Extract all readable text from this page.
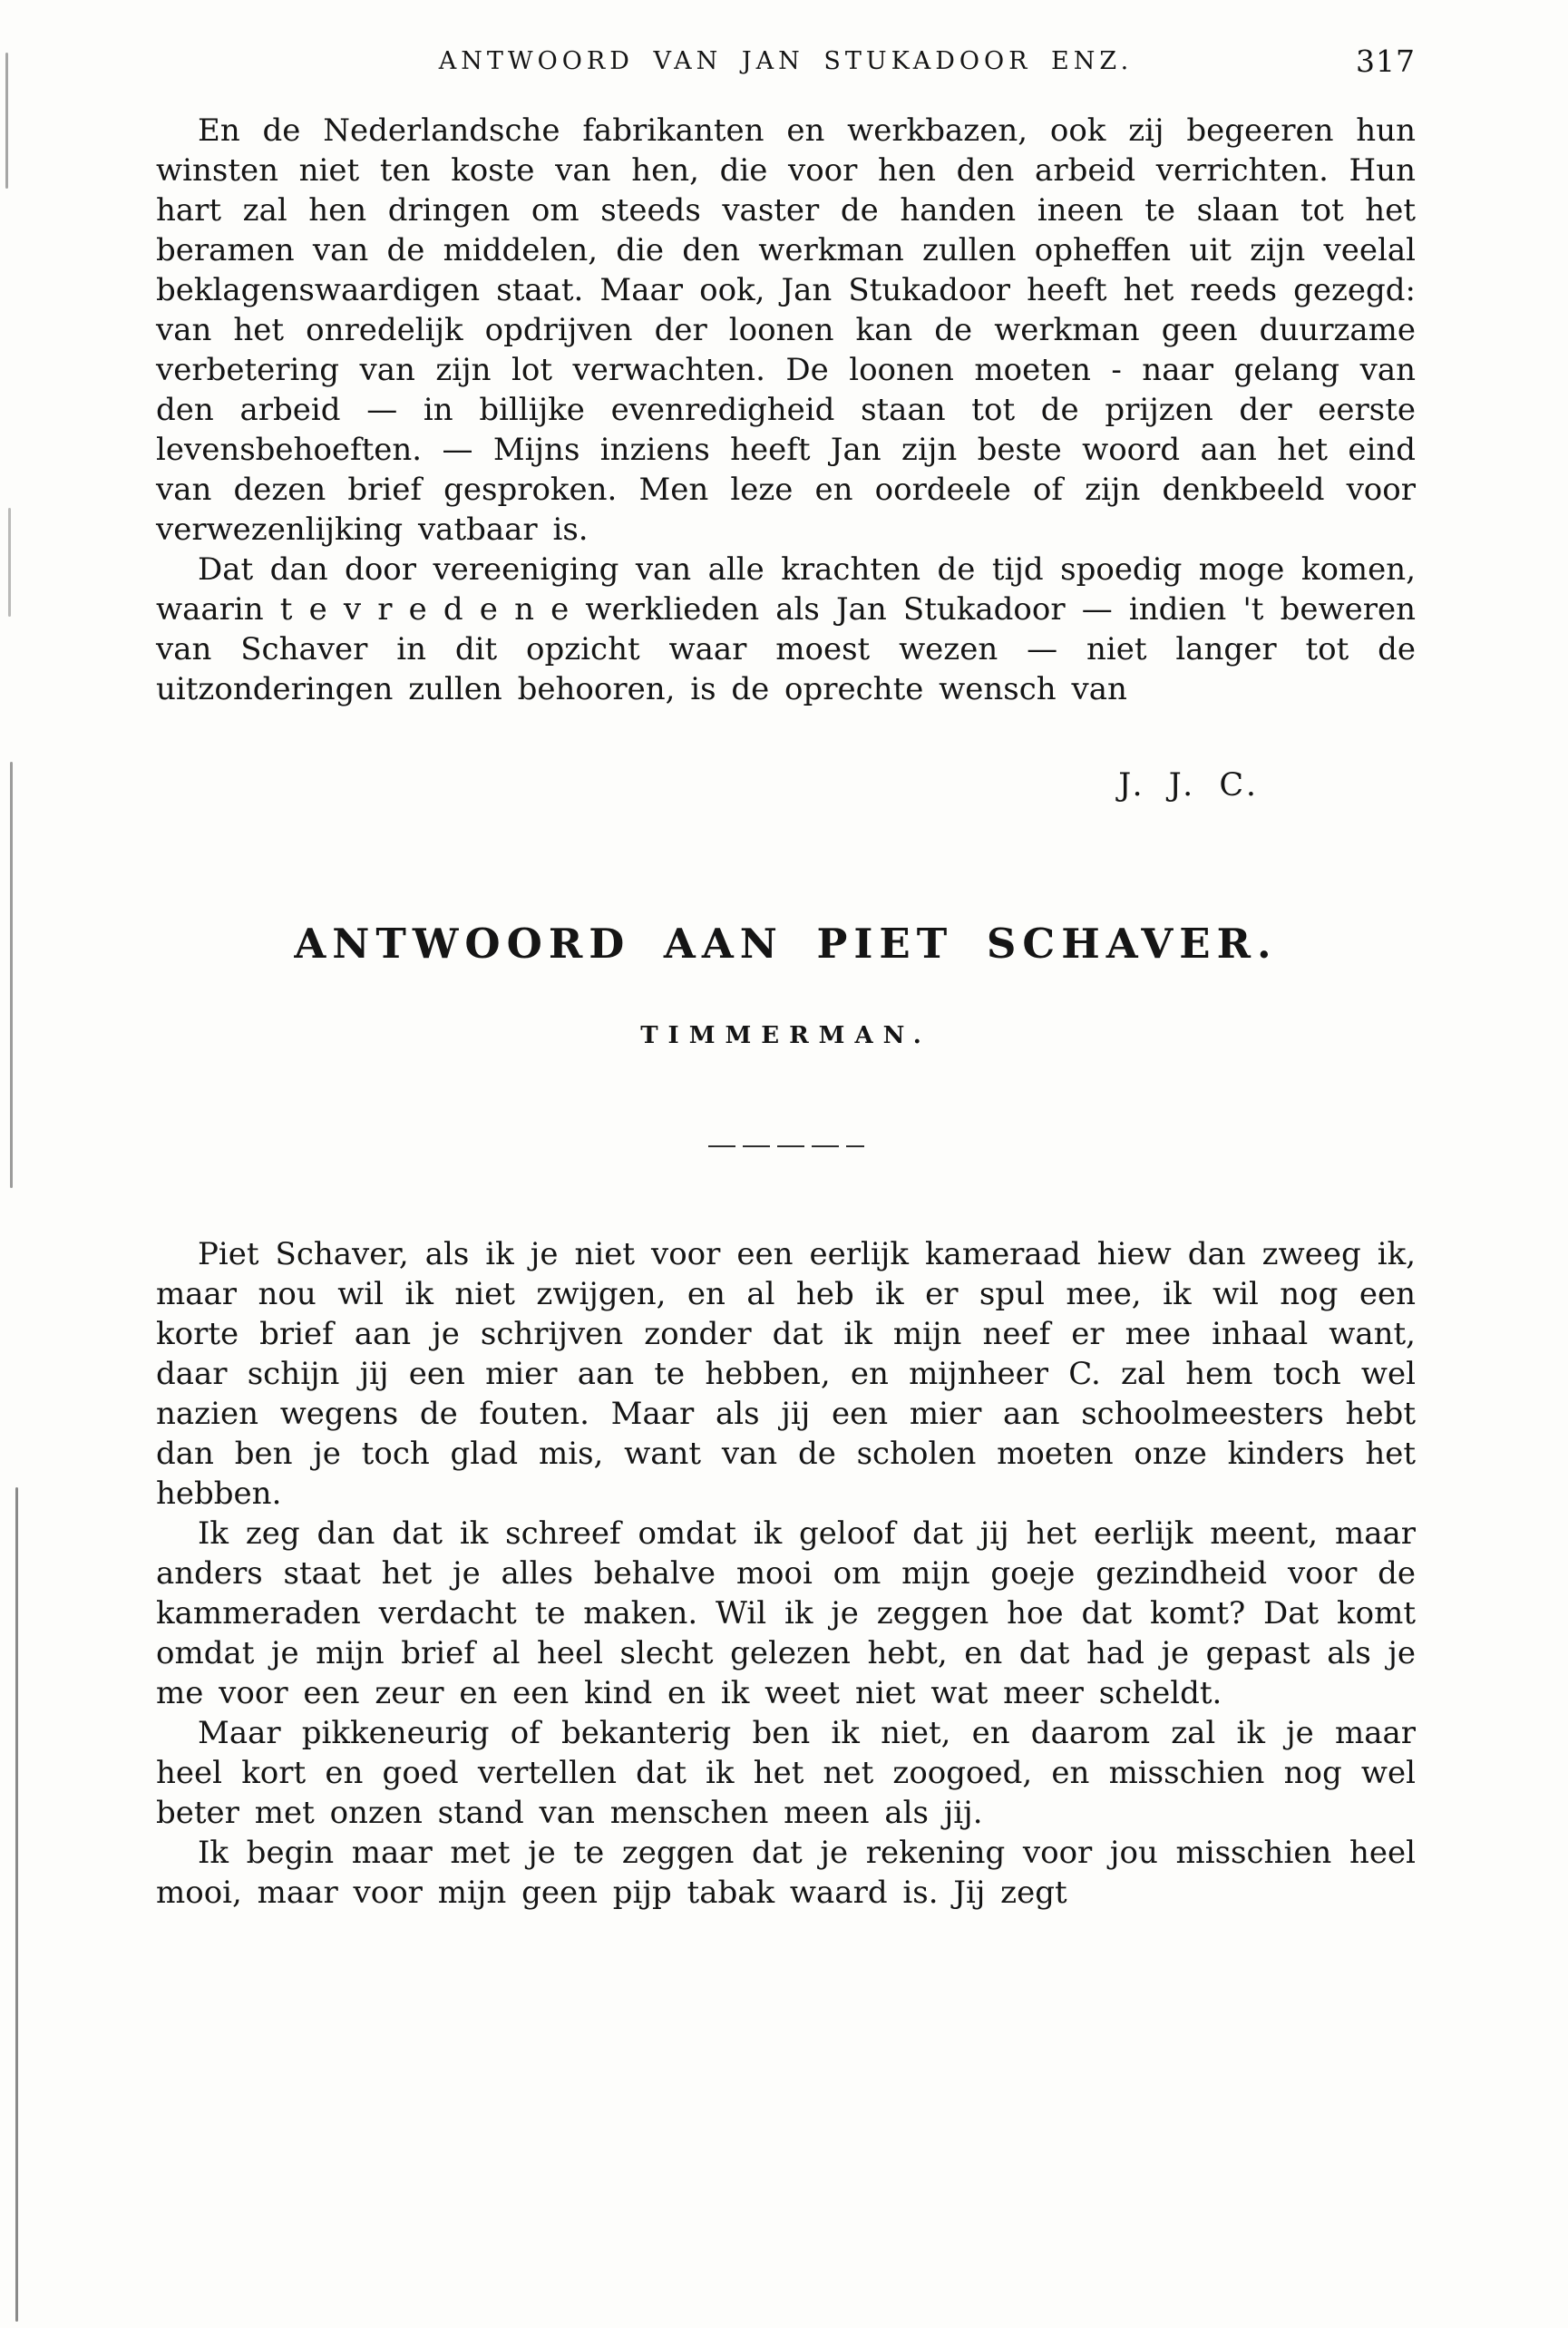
ANTWOORD VAN JAN STUKADOOR ENZ.	317

En de Nederlandsche fabrikanten en werkbazen, ook zij begeeren hun winsten niet ten koste van hen, die voor hen den arbeid verrichten. Hun hart zal hen dringen om steeds vaster de handen ineen te slaan tot het beramen van de middelen, die den werkman zullen opheffen uit zijn veelal beklagenswaardigen staat. Maar ook, Jan Stukadoor heeft het reeds gezegd: van het onredelijk opdrijven der loonen kan de werkman geen duurzame verbetering van zijn lot verwachten. De loonen moeten - naar gelang van den arbeid — in billijke evenredigheid staan tot de prijzen der eerste levensbehoeften. — Mijns inziens heeft Jan zijn beste woord aan het eind van dezen brief gesproken. Men leze en oordeele of zijn denkbeeld voor verwezenlijking vatbaar is.

Dat dan door vereeniging van alle krachten de tijd spoedig moge komen, waarin t e v r e d e n e werklieden als Jan Stukadoor — indien 't beweren van Schaver in dit opzicht waar moest wezen — niet langer tot de uitzonderingen zullen behooren, is de oprechte wensch van

J. J. C.
ANTWOORD AAN PIET SCHAVER.
TIMMERMAN.

Piet Schaver, als ik je niet voor een eerlijk kameraad hiew dan zweeg ik, maar nou wil ik niet zwijgen, en al heb ik er spul mee, ik wil nog een korte brief aan je schrijven zonder dat ik mijn neef er mee inhaal want, daar schijn jij een mier aan te hebben, en mijnheer C. zal hem toch wel nazien wegens de fouten. Maar als jij een mier aan schoolmeesters hebt dan ben je toch glad mis, want van de scholen moeten onze kinders het hebben.

Ik zeg dan dat ik schreef omdat ik geloof dat jij het eerlijk meent, maar anders staat het je alles behalve mooi om mijn goeje gezindheid voor de kammeraden verdacht te maken. Wil ik je zeggen hoe dat komt? Dat komt omdat je mijn brief al heel slecht gelezen hebt, en dat had je gepast als je me voor een zeur en een kind en ik weet niet wat meer scheldt.

Maar pikkeneurig of bekanterig ben ik niet, en daarom zal ik je maar heel kort en goed vertellen dat ik het net zoogoed, en misschien nog wel beter met onzen stand van menschen meen als jij.

Ik begin maar met je te zeggen dat je rekening voor jou misschien heel mooi, maar voor mijn geen pijp tabak waard is. Jij zegt
